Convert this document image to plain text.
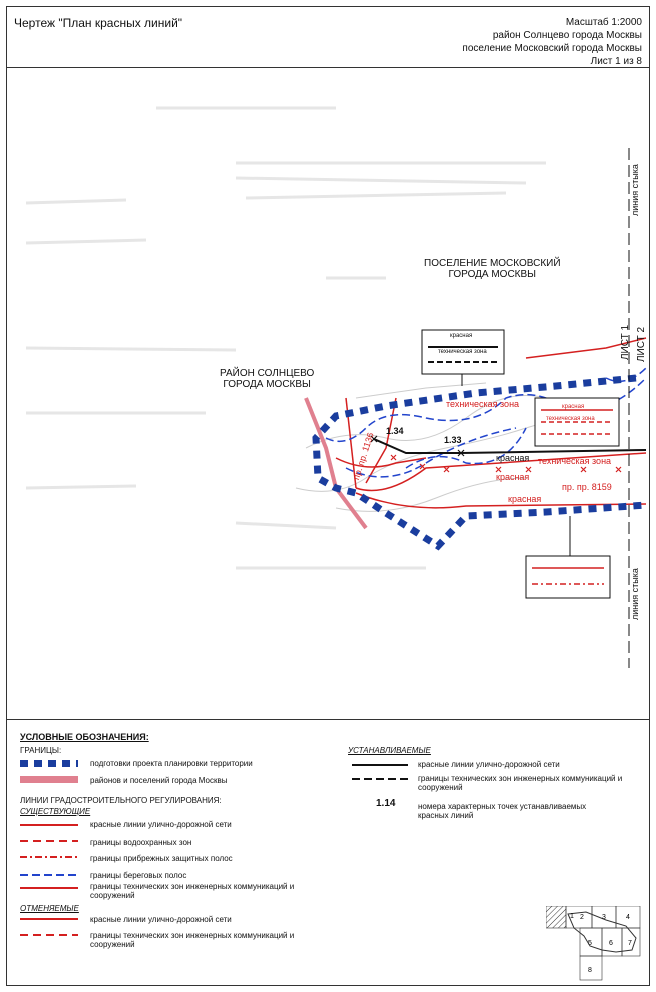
Чертеж "План красных линий"	Масштаб 1:2000
район Солнцево города Москвы
поселение Московский города Москвы
Лист 1 из 8
ПОСЕЛЕНИЕ МОСКОВСКИЙ
ГОРОДА МОСКВЫ
РАЙОН СОЛНЦЕВО
ГОРОДА МОСКВЫ
линия стыка
линия стыка
ЛИСТ 1 ЛИСТ 2
красная
техническая зона
красная
техническая зона
техническая зона
техническая зона
красная
красная
красная
1.34
1.33
пр. пр. 8159
пр. пр. 1136
УСЛОВНЫЕ ОБОЗНАЧЕНИЯ:
ГРАНИЦЫ:
подготовки проекта планировки территории
районов и поселений города Москвы
ЛИНИИ ГРАДОСТРОИТЕЛЬНОГО РЕГУЛИРОВАНИЯ:
СУЩЕСТВУЮЩИЕ
красные линии улично-дорожной сети
границы водоохранных зон
границы прибрежных защитных полос
границы береговых полос
границы технических зон инженерных коммуникаций и
сооружений
ОТМЕНЯЕМЫЕ
красные линии улично-дорожной сети
границы технических зон инженерных коммуникаций и
сооружений
УСТАНАВЛИВАЕМЫЕ
красные линии улично-дорожной сети
границы технических зон инженерных коммуникаций и
сооружений
1.14	номера характерных точек устанавливаемых
красных линий
1 2	3	4
5 6 7
8
